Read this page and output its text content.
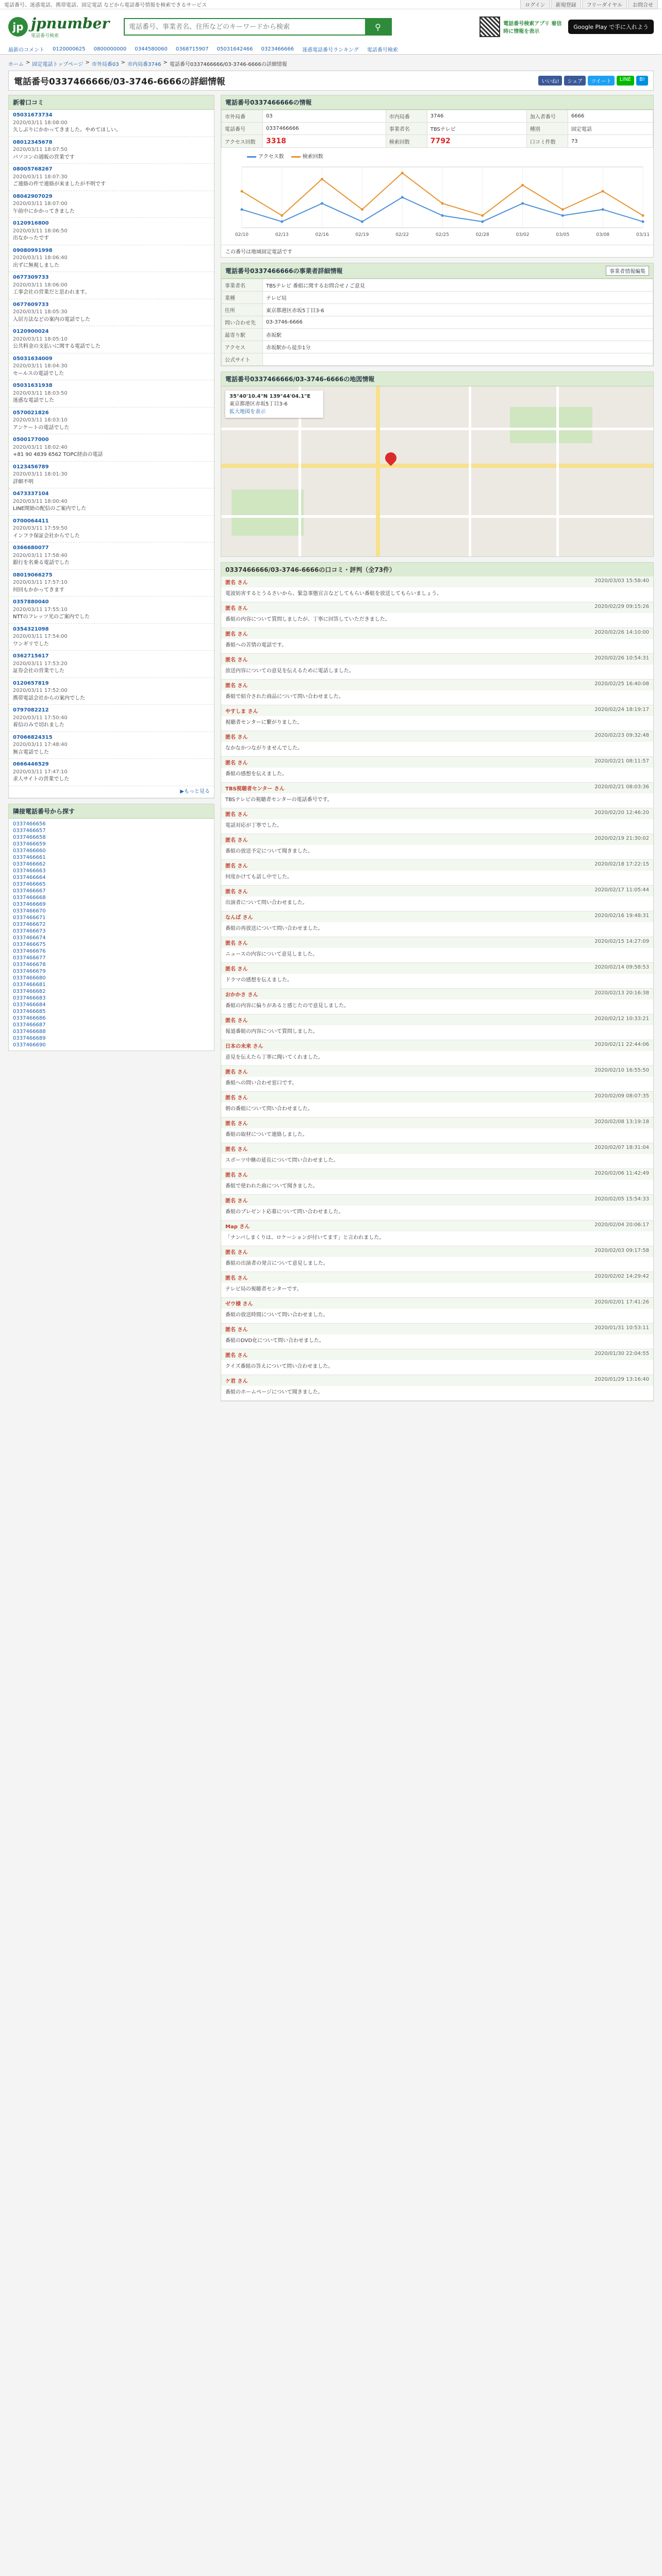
電話番号、迷惑電話、携帯電話、固定電話 などから電話番号情報を検索できるサービス	ログイン	新規登録	フリーダイヤル	お問合せ
jp jpnumber
電話番号検索
電話番号、事業者名、住所などのキーワードから検索
⚲	電話番号検索アプリ 着信時に情報を表示
Google Play で手に入れよう
最新のコメント 0120000625 0800000000 0344580060 0368715907 05031642466 0323466666 迷惑電話番号ランキング 電話番号検索
ホーム > 固定電話トップページ > 市外局番03 > 市内局番3746 > 電話番号0337466666/03-3746-6666の詳細情報
電話番号0337466666/03-3746-6666の詳細情報	いいね!	シェア	ツイート	LINE	B!
新着口コミ
05031673734
2020/03/11 18:08:00
久しぶりにかかってきました。やめてほしい。
08012345678
2020/03/11 18:07:50
パソコンの通販の営業です
08005768267
2020/03/11 18:07:30
ご連絡の件で連絡が来ましたが不明です
08042907029
2020/03/11 18:07:00
午前中にかかってきました
0120916800
2020/03/11 18:06:50
出なかったです
09080991998
2020/03/11 18:06:40
出ずに無視しました
0677309733
2020/03/11 18:06:00
工事会社の営業だと思われます。
0677609733
2020/03/11 18:05:30
入居方法などの案内の電話でした
0120900024
2020/03/11 18:05:10
公共料金の支払いに関する電話でした
05031634009
2020/03/11 18:04:30
セールスの電話でした
05031631938
2020/03/11 18:03:50
迷惑な電話でした
0570021826
2020/03/11 18:03:10
アンケートの電話でした
0500177000
2020/03/11 18:02:40
+81 90 4839 6562 TOPC経由の電話
0123456789
2020/03/11 18:01:30
詳細不明
0473337104
2020/03/11 18:00:40
LINE開始の配信のご案内でした
0700064411
2020/03/11 17:59:50
インフラ保証会社からでした
0366680077
2020/03/11 17:58:40
銀行を名乗る電話でした
08019066275
2020/03/11 17:57:10
何回もかかってきます
0357880040
2020/03/11 17:55:10
NTTのフレッツ光のご案内でした
0354321098
2020/03/11 17:54:00
ワンギリでした
0362715617
2020/03/11 17:53:20
証券会社の営業でした
0120657819
2020/03/11 17:52:00
携帯電話会社からの案内でした
0797082212
2020/03/11 17:50:40
着信のみで切れました
07066824315
2020/03/11 17:48:40
無言電話でした
0666446529
2020/03/11 17:47:10
求人サイトの営業でした
▶もっと見る
隣接電話番号から探す
0337466656
0337466657
0337466658
0337466659
0337466660
0337466661
0337466662
0337466663
0337466664
0337466665
0337466667
0337466668
0337466669
0337466670
0337466671
0337466672
0337466673
0337466674
0337466675
0337466676
0337466677
0337466678
0337466679
0337466680
0337466681
0337466682
0337466683
0337466684
0337466685
0337466686
0337466687
0337466688
0337466689
0337466690
電話番号0337466666の情報
市外局番	03	市内局番	3746	加入者番号	6666
電話番号	0337466666	事業者名	TBSテレビ	種別	固定電話
アクセス回数	3318	検索回数	7792	口コミ件数	73
アクセス数	検索回数
02/10	02/13	02/16	02/19	02/22	02/25	02/28	03/02	03/05	03/08	03/11
この番号は地域固定電話です
電話番号0337466666の事業者詳細情報	事業者情報編集
事業者名	TBSテレビ 番組に関するお問合せ / ご意見
業種	テレビ局
住所	東京都港区赤坂5丁目3-6
問い合わせ先	03-3746-6666
最寄り駅	赤坂駅
アクセス	赤坂駅から徒歩1分
公式サイト	
電話番号0337466666/03-3746-6666の地図情報
35°40'10.4"N 139°44'04.1"E
東京都港区赤坂5丁目3-6
拡大地図を表示
0337466666/03-3746-6666の口コミ・評判（全73件）
匿名 さん	2020/03/03 15:58:40
電波妨害するとうるさいから、緊急事態宣言などしてもらい番組を放送してもらいましょう。
匿名 さん	2020/02/29 09:15:26
番組の内容について質問しましたが、丁寧に回答していただきました。
匿名 さん	2020/02/26 14:10:00
番組への苦情の電話です。
匿名 さん	2020/02/26 10:54:31
放送内容についての意見を伝えるために電話しました。
匿名 さん	2020/02/25 16:40:08
番組で紹介された商品について問い合わせました。
やすしま さん	2020/02/24 18:19:17
視聴者センターに繋がりました。
匿名 さん	2020/02/23 09:32:48
なかなかつながりませんでした。
匿名 さん	2020/02/21 08:11:57
番組の感想を伝えました。
TBS視聴者センター さん	2020/02/21 08:03:36
TBSテレビの視聴者センターの電話番号です。
匿名 さん	2020/02/20 12:46:20
電話対応が丁寧でした。
匿名 さん	2020/02/19 21:30:02
番組の放送予定について聞きました。
匿名 さん	2020/02/18 17:22:15
何度かけても話し中でした。
匿名 さん	2020/02/17 11:05:44
出演者について問い合わせました。
なんば さん	2020/02/16 19:48:31
番組の再放送について問い合わせました。
匿名 さん	2020/02/15 14:27:09
ニュースの内容について意見しました。
匿名 さん	2020/02/14 09:58:53
ドラマの感想を伝えました。
おかかさ さん	2020/02/13 20:16:38
番組の内容に偏りがあると感じたので意見しました。
匿名 さん	2020/02/12 10:33:21
報道番組の内容について質問しました。
日本の未来 さん	2020/02/11 22:44:06
意見を伝えたら丁寧に聞いてくれました。
匿名 さん	2020/02/10 16:55:50
番組への問い合わせ窓口です。
匿名 さん	2020/02/09 08:07:35
朝の番組について問い合わせました。
匿名 さん	2020/02/08 13:19:18
番組の取材について連絡しました。
匿名 さん	2020/02/07 18:31:04
スポーツ中継の延長について問い合わせました。
匿名 さん	2020/02/06 11:42:49
番組で使われた曲について聞きました。
匿名 さん	2020/02/05 15:54:33
番組のプレゼント応募について問い合わせました。
Map さん	2020/02/04 20:06:17
「ナンパしまくりは、ロケーションが付いてます」と言われました。
匿名 さん	2020/02/03 09:17:58
番組の出演者の発言について意見しました。
匿名 さん	2020/02/02 14:29:42
テレビ局の視聴者センターです。
ゼウ様 さん	2020/02/01 17:41:26
番組の放送時間について問い合わせました。
匿名 さん	2020/01/31 10:53:11
番組のDVD化について問い合わせました。
匿名 さん	2020/01/30 22:04:55
クイズ番組の答えについて問い合わせました。
ケ君 さん	2020/01/29 13:16:40
番組のホームページについて聞きました。
